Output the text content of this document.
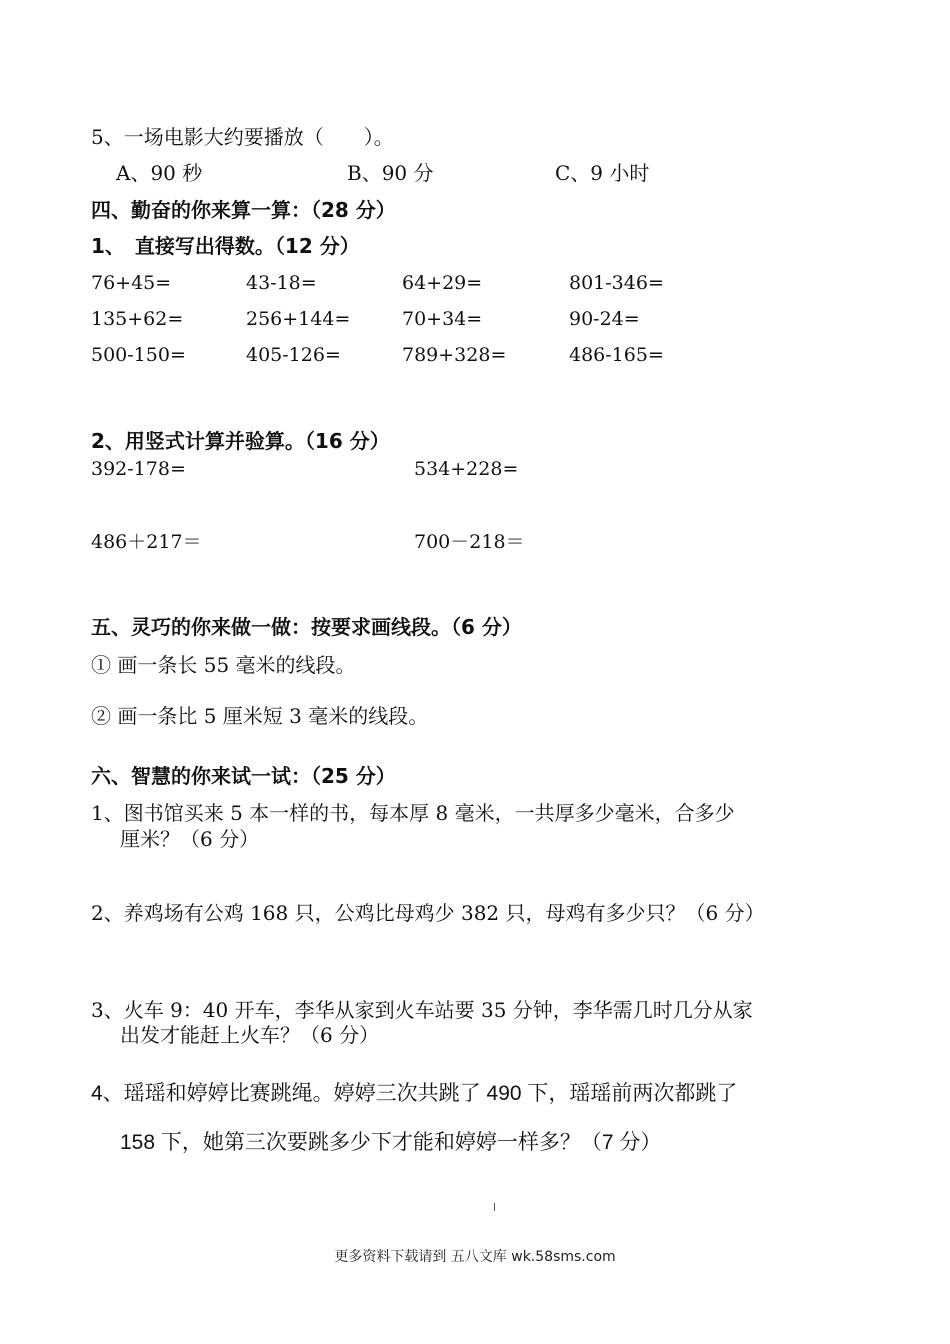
5、一场电影大约要播放（　　）。
A、90 秒	B、90 分	C、9 小时
四、勤奋的你来算一算：（28 分）
1、　直接写出得数。（12 分）
76+45=	43-18=	64+29=	801-346=
135+62=	256+144=	70+34=	90-24=
500-150=	405-126=	789+328=	486-165=
2、用竖式计算并验算。（16 分）
392-178=	534+228=
486＋217＝	700－218＝
五、灵巧的你来做一做：按要求画线段。（6 分）
① 画一条长 55 毫米的线段。
② 画一条比 5 厘米短 3 毫米的线段。
六、智慧的你来试一试：（25 分）
1、图书馆买来 5 本一样的书，每本厚 8 毫米，一共厚多少毫米，合多少
厘米？（6 分）
2、养鸡场有公鸡 168 只，公鸡比母鸡少 382 只，母鸡有多少只？（6 分）
3、火车 9：40 开车，李华从家到火车站要 35 分钟，李华需几时几分从家
出发才能赶上火车？（6 分）
4、瑶瑶和婷婷比赛跳绳。婷婷三次共跳了 490 下，瑶瑶前两次都跳了
158 下，她第三次要跳多少下才能和婷婷一样多？（7 分）
更多资料下载请到 五八文库 wk.58sms.com
